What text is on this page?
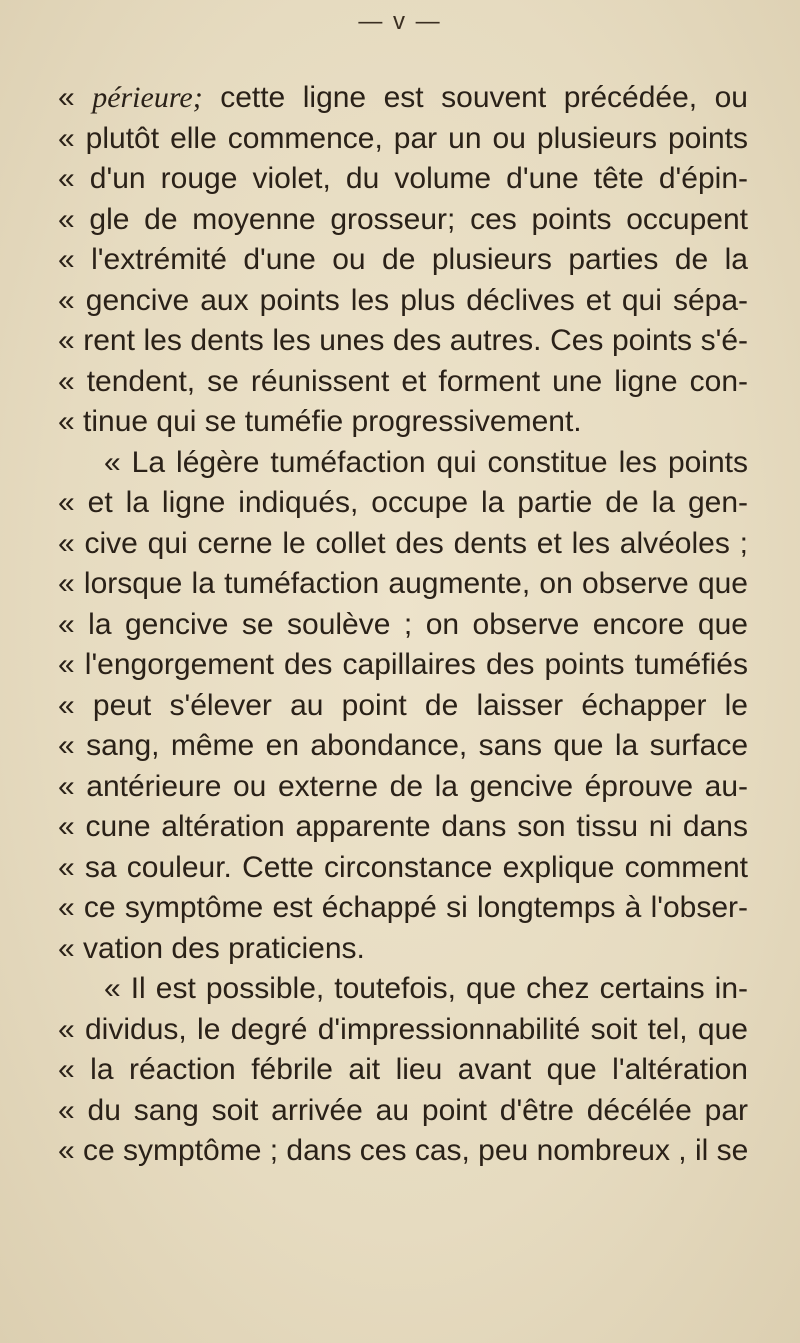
— v —
« périeure; cette ligne est souvent précédée, ou
« plutôt elle commence, par un ou plusieurs points
« d'un rouge violet, du volume d'une tête d'épin-
« gle de moyenne grosseur; ces points occupent
« l'extrémité d'une ou de plusieurs parties de la
« gencive aux points les plus déclives et qui sépa-
« rent les dents les unes des autres. Ces points s'é-
« tendent, se réunissent et forment une ligne con-
« tinue qui se tuméfie progressivement.
« La légère tuméfaction qui constitue les points
« et la ligne indiqués, occupe la partie de la gen-
« cive qui cerne le collet des dents et les alvéoles ;
« lorsque la tuméfaction augmente, on observe que
« la gencive se soulève ; on observe encore que
« l'engorgement des capillaires des points tuméfiés
« peut s'élever au point de laisser échapper le
« sang, même en abondance, sans que la surface
« antérieure ou externe de la gencive éprouve au-
« cune altération apparente dans son tissu ni dans
« sa couleur. Cette circonstance explique comment
« ce symptôme est échappé si longtemps à l'obser-
« vation des praticiens.
« Il est possible, toutefois, que chez certains in-
« dividus, le degré d'impressionnabilité soit tel, que
« la réaction fébrile ait lieu avant que l'altération
« du sang soit arrivée au point d'être décélée par
« ce symptôme ; dans ces cas, peu nombreux , il se
